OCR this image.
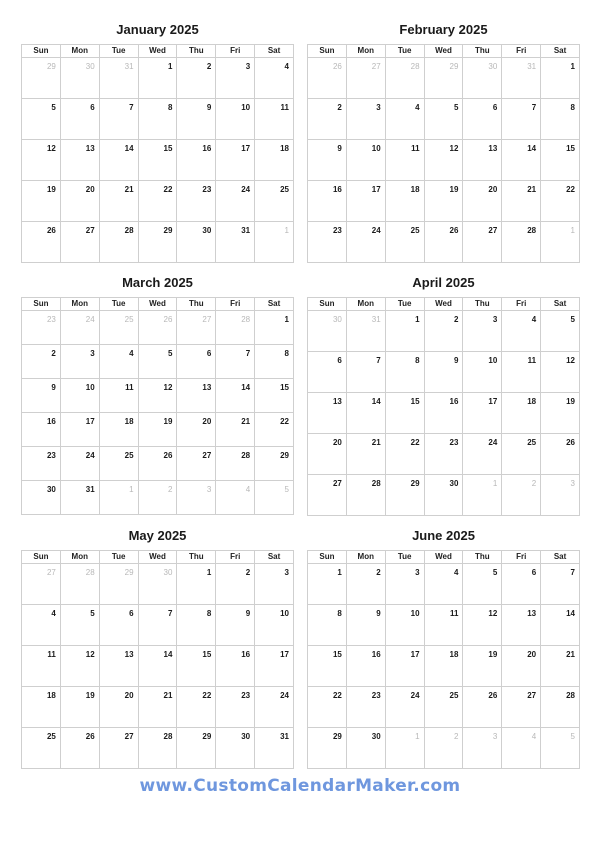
January 2025
Sun	Mon	Tue	Wed	Thu	Fri	Sat
29	30	31	1	2	3	4
5	6	7	8	9	10	11
12	13	14	15	16	17	18
19	20	21	22	23	24	25
26	27	28	29	30	31	1
February 2025
Sun	Mon	Tue	Wed	Thu	Fri	Sat
26	27	28	29	30	31	1
2	3	4	5	6	7	8
9	10	11	12	13	14	15
16	17	18	19	20	21	22
23	24	25	26	27	28	1
March 2025
Sun	Mon	Tue	Wed	Thu	Fri	Sat
23	24	25	26	27	28	1
2	3	4	5	6	7	8
9	10	11	12	13	14	15
16	17	18	19	20	21	22
23	24	25	26	27	28	29
30	31	1	2	3	4	5
April 2025
Sun	Mon	Tue	Wed	Thu	Fri	Sat
30	31	1	2	3	4	5
6	7	8	9	10	11	12
13	14	15	16	17	18	19
20	21	22	23	24	25	26
27	28	29	30	1	2	3
May 2025
Sun	Mon	Tue	Wed	Thu	Fri	Sat
27	28	29	30	1	2	3
4	5	6	7	8	9	10
11	12	13	14	15	16	17
18	19	20	21	22	23	24
25	26	27	28	29	30	31
June 2025
Sun	Mon	Tue	Wed	Thu	Fri	Sat
1	2	3	4	5	6	7
8	9	10	11	12	13	14
15	16	17	18	19	20	21
22	23	24	25	26	27	28
29	30	1	2	3	4	5
www.CustomCalendarMaker.com
